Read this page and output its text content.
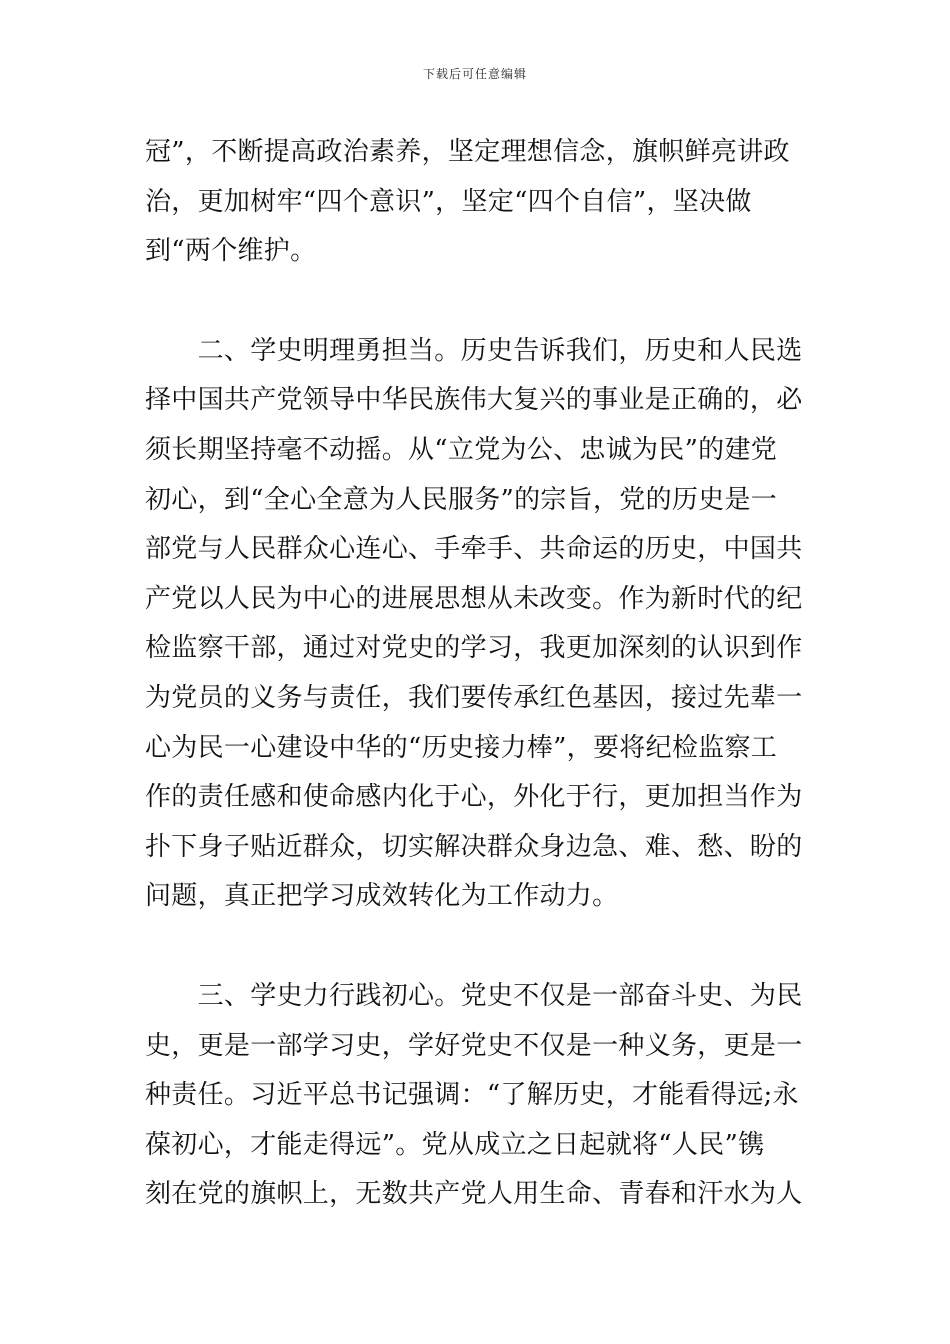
下载后可任意编辑

冠”，不断提高政治素养，坚定理想信念，旗帜鲜亮讲政
治，更加树牢“四个意识”，坚定“四个自信”，坚决做
到“两个维护。

　　二、学史明理勇担当。历史告诉我们，历史和人民选
择中国共产党领导中华民族伟大复兴的事业是正确的，必
须长期坚持毫不动摇。从“立党为公、忠诚为民”的建党
初心，到“全心全意为人民服务”的宗旨，党的历史是一
部党与人民群众心连心、手牵手、共命运的历史，中国共
产党以人民为中心的进展思想从未改变。作为新时代的纪
检监察干部，通过对党史的学习，我更加深刻的认识到作
为党员的义务与责任，我们要传承红色基因，接过先辈一
心为民一心建设中华的“历史接力棒”，要将纪检监察工
作的责任感和使命感内化于心，外化于行，更加担当作为
扑下身子贴近群众，切实解决群众身边急、难、愁、盼的
问题，真正把学习成效转化为工作动力。

　　三、学史力行践初心。党史不仅是一部奋斗史、为民
史，更是一部学习史，学好党史不仅是一种义务，更是一
种责任。习近平总书记强调：“了解历史，才能看得远;永
葆初心，才能走得远”。党从成立之日起就将“人民”镌
刻在党的旗帜上，无数共产党人用生命、青春和汗水为人
